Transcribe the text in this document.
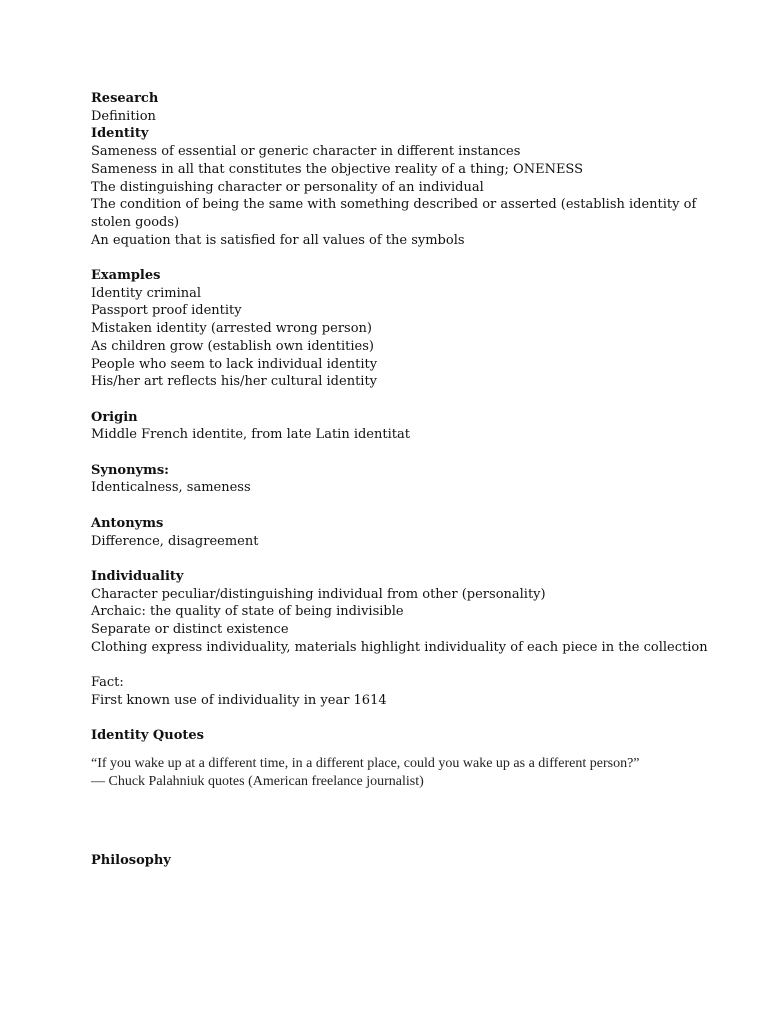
Research
Definition
Identity
Sameness of essential or generic character in different instances
Sameness in all that constitutes the objective reality of a thing; ONENESS
The distinguishing character or personality of an individual
The condition of being the same with something described or asserted (establish identity of stolen goods)
An equation that is satisfied for all values of the symbols
Examples
Identity criminal
Passport proof identity
Mistaken identity (arrested wrong person)
As children grow (establish own identities)
People who seem to lack individual identity
His/her art reflects his/her cultural identity
Origin
Middle French identite, from late Latin identitat
Synonyms:
Identicalness, sameness
Antonyms
Difference, disagreement
Individuality
Character peculiar/distinguishing individual from other (personality)
Archaic: the quality of state of being indivisible
Separate or distinct existence
Clothing express individuality, materials highlight individuality of each piece in the collection
Fact:
First known use of individuality in year 1614
Identity Quotes
“If you wake up at a different time, in a different place, could you wake up as a different person?” ― Chuck Palahniuk quotes (American freelance journalist)
Philosophy
